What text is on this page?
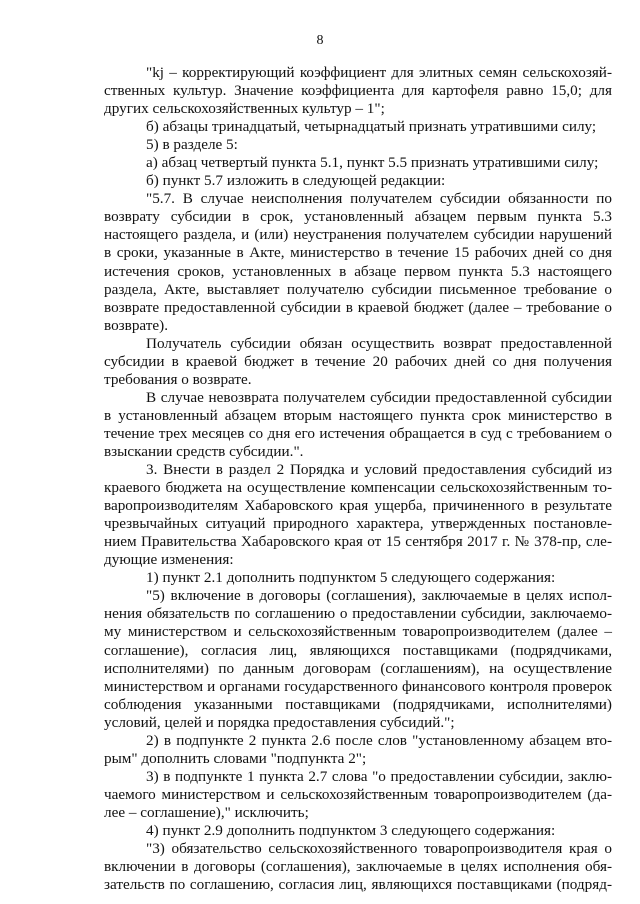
8

"kj – корректирующий коэффициент для элитных семян сельскохозяйственных культур. Значение коэффициента для картофеля равно 15,0; для других сельскохозяйственных культур – 1";

б) абзацы тринадцатый, четырнадцатый признать утратившими силу;

5) в разделе 5:

а) абзац четвертый пункта 5.1, пункт 5.5 признать утратившими силу;

б) пункт 5.7 изложить в следующей редакции:

"5.7. В случае неисполнения получателем субсидии обязанности по возврату субсидии в срок, установленный абзацем первым пункта 5.3 настоящего раздела, и (или) неустранения получателем субсидии нарушений в сроки, указанные в Акте, министерство в течение 15 рабочих дней со дня истечения сроков, установленных в абзаце первом пункта 5.3 настоящего раздела, Акте, выставляет получателю субсидии письменное требование о возврате предоставленной субсидии в краевой бюджет (далее – требование о возврате).

Получатель субсидии обязан осуществить возврат предоставленной субсидии в краевой бюджет в течение 20 рабочих дней со дня получения требования о возврате.

В случае невозврата получателем субсидии предоставленной субсидии в установленный абзацем вторым настоящего пункта срок министерство в течение трех месяцев со дня его истечения обращается в суд с требованием о взыскании средств субсидии.".

3. Внести в раздел 2 Порядка и условий предоставления субсидий из краевого бюджета на осуществление компенсации сельскохозяйственным товаропроизводителям Хабаровского края ущерба, причиненного в результате чрезвычайных ситуаций природного характера, утвержденных постановлением Правительства Хабаровского края от 15 сентября 2017 г. № 378-пр, следующие изменения:

1) пункт 2.1 дополнить подпунктом 5 следующего содержания:

"5) включение в договоры (соглашения), заключаемые в целях исполнения обязательств по соглашению о предоставлении субсидии, заключаемому министерством и сельскохозяйственным товаропроизводителем (далее – соглашение), согласия лиц, являющихся поставщиками (подрядчиками, исполнителями) по данным договорам (соглашениям), на осуществление министерством и органами государственного финансового контроля проверок соблюдения указанными поставщиками (подрядчиками, исполнителями) условий, целей и порядка предоставления субсидий.";

2) в подпункте 2 пункта 2.6 после слов "установленному абзацем вторым" дополнить словами "подпункта 2";

3) в подпункте 1 пункта 2.7 слова "о предоставлении субсидии, заключаемого министерством и сельскохозяйственным товаропроизводителем (далее – соглашение)," исключить;

4) пункт 2.9 дополнить подпунктом 3 следующего содержания:

"3) обязательство сельскохозяйственного товаропроизводителя края о включении в договоры (соглашения), заключаемые в целях исполнения обязательств по соглашению, согласия лиц, являющихся поставщиками (подряд-
